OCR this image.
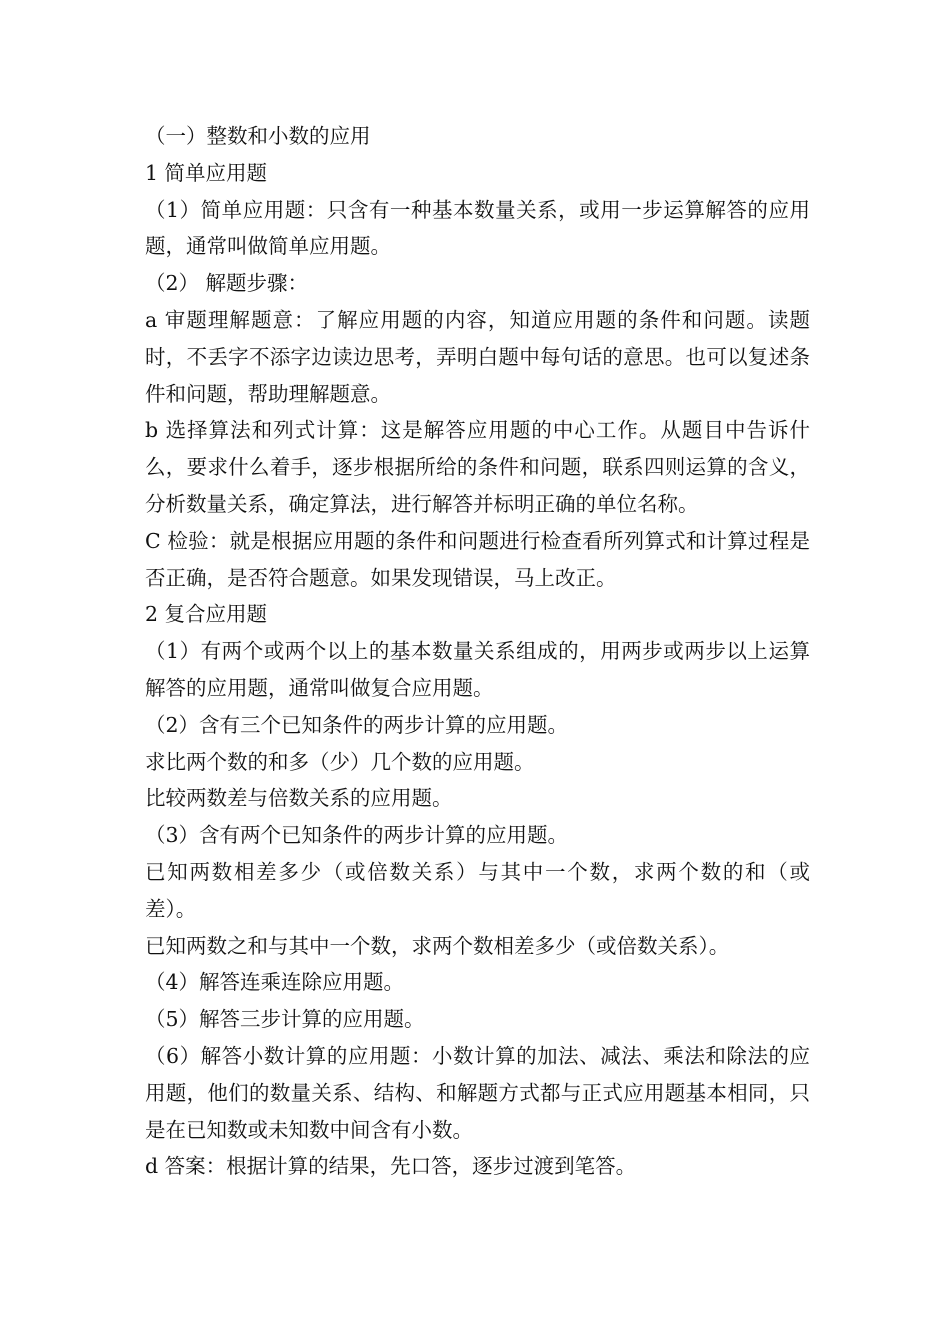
（一）整数和小数的应用

1 简单应用题

（1）简单应用题：只含有一种基本数量关系，或用一步运算解答的应用题，通常叫做简单应用题。

（2） 解题步骤：

a 审题理解题意：了解应用题的内容，知道应用题的条件和问题。读题时，不丢字不添字边读边思考，弄明白题中每句话的意思。也可以复述条件和问题，帮助理解题意。

b 选择算法和列式计算：这是解答应用题的中心工作。从题目中告诉什么，要求什么着手，逐步根据所给的条件和问题，联系四则运算的含义，分析数量关系，确定算法，进行解答并标明正确的单位名称。

C 检验：就是根据应用题的条件和问题进行检查看所列算式和计算过程是否正确，是否符合题意。如果发现错误，马上改正。

2 复合应用题

（1）有两个或两个以上的基本数量关系组成的，用两步或两步以上运算解答的应用题，通常叫做复合应用题。

（2）含有三个已知条件的两步计算的应用题。

求比两个数的和多（少）几个数的应用题。

比较两数差与倍数关系的应用题。

（3）含有两个已知条件的两步计算的应用题。

已知两数相差多少（或倍数关系）与其中一个数，求两个数的和（或差）。

已知两数之和与其中一个数，求两个数相差多少（或倍数关系）。

（4）解答连乘连除应用题。

（5）解答三步计算的应用题。

（6）解答小数计算的应用题：小数计算的加法、减法、乘法和除法的应用题，他们的数量关系、结构、和解题方式都与正式应用题基本相同，只是在已知数或未知数中间含有小数。

d 答案：根据计算的结果，先口答，逐步过渡到笔答。
